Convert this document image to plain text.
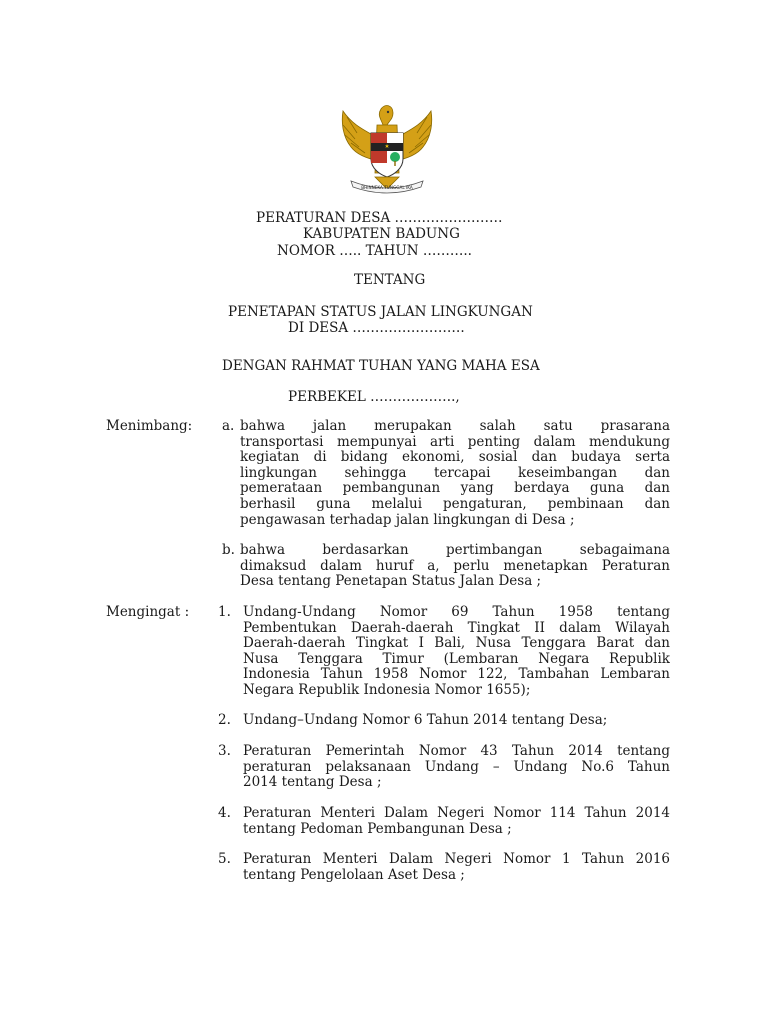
BHINNEKA TUNGGAL IKA
PERATURAN DESA ……………………
KABUPATEN BADUNG
NOMOR ….. TAHUN ………..
TENTANG
PENETAPAN STATUS JALAN LINGKUNGAN
DI DESA …………………….
DENGAN RAHMAT TUHAN YANG MAHA ESA
PERBEKEL ……………….,
Menimbang: a. bahwa jalan merupakan salah satu prasarana
transportasi mempunyai arti penting dalam mendukung
kegiatan di bidang ekonomi, sosial dan budaya serta
lingkungan sehingga tercapai keseimbangan dan
pemerataan pembangunan yang berdaya guna dan
berhasil guna melalui pengaturan, pembinaan dan
pengawasan terhadap jalan lingkungan di Desa ;
b. bahwa berdasarkan pertimbangan sebagaimana
dimaksud dalam huruf a, perlu menetapkan Peraturan
Desa tentang Penetapan Status Jalan Desa ;
Mengingat : 1. Undang-Undang Nomor 69 Tahun 1958 tentang
Pembentukan Daerah-daerah Tingkat II dalam Wilayah
Daerah-daerah Tingkat I Bali, Nusa Tenggara Barat dan
Nusa Tenggara Timur (Lembaran Negara Republik
Indonesia Tahun 1958 Nomor 122, Tambahan Lembaran
Negara Republik Indonesia Nomor 1655);
2. Undang–Undang Nomor 6 Tahun 2014 tentang Desa;
3. Peraturan Pemerintah Nomor 43 Tahun 2014 tentang
peraturan pelaksanaan Undang – Undang No.6 Tahun
2014 tentang Desa ;
4. Peraturan Menteri Dalam Negeri Nomor 114 Tahun 2014
tentang Pedoman Pembangunan Desa ;
5. Peraturan Menteri Dalam Negeri Nomor 1 Tahun 2016
tentang Pengelolaan Aset Desa ;
